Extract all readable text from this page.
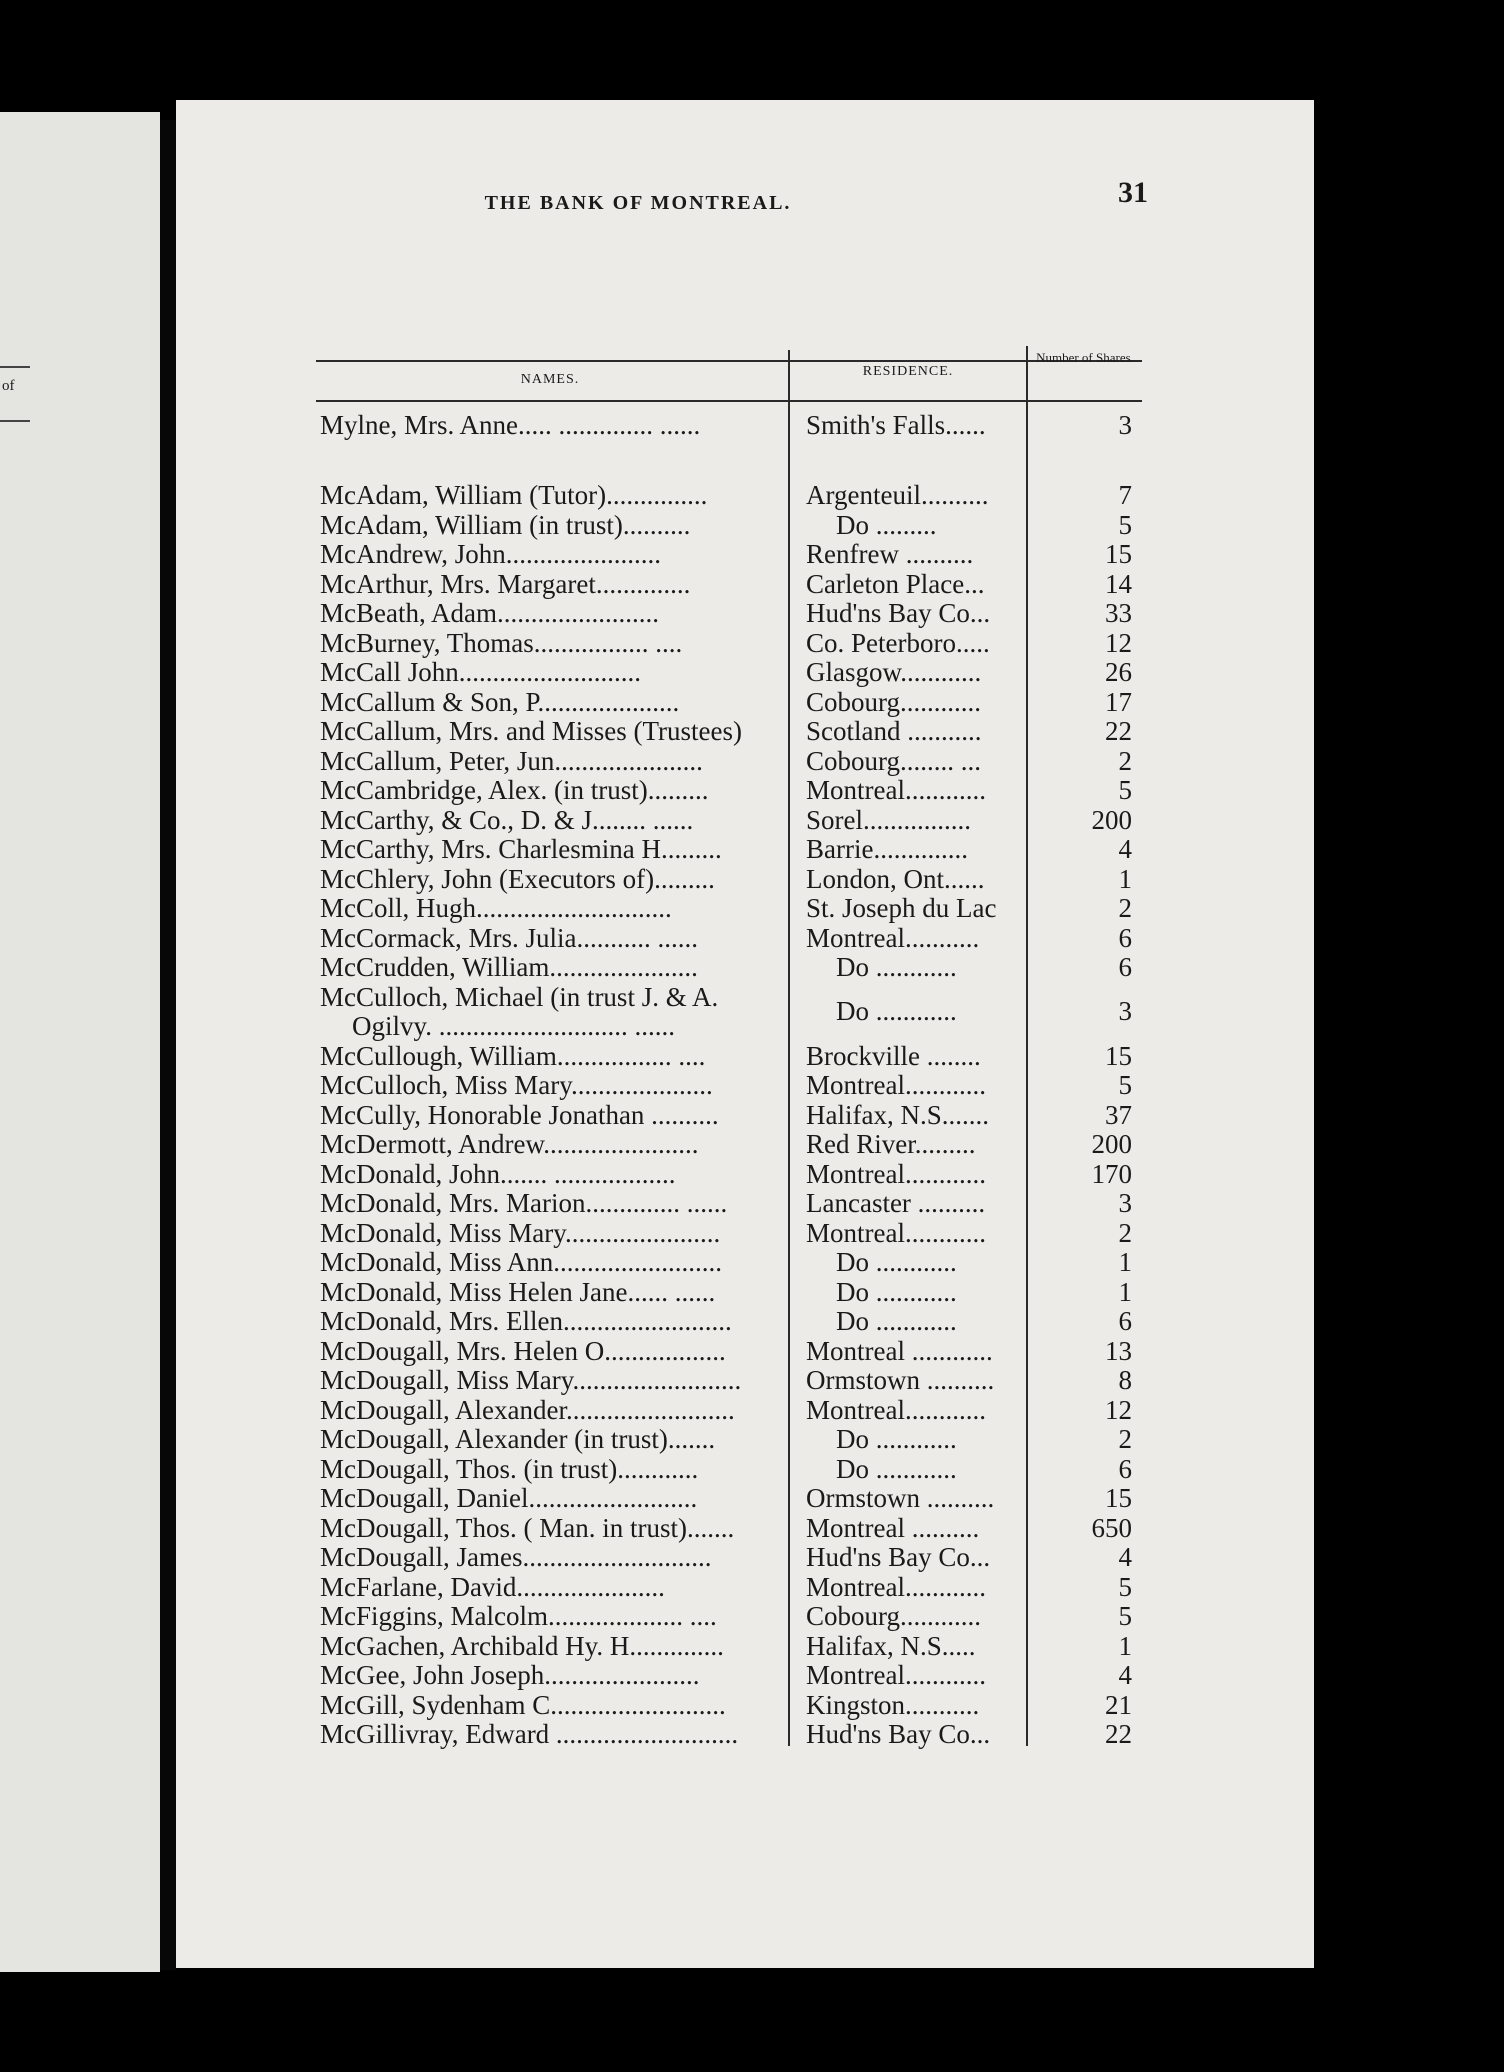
of
THE BANK OF MONTREAL.	31
NAMES.
RESIDENCE.
Number of Shares.
Mylne, Mrs. Anne..... .............. ......	Smith's Falls......	3
McAdam, William (Tutor)...............	Argenteuil..........	7
McAdam, William (in trust)..........	Do .........	5
McAndrew, John.......................	Renfrew ..........	15
McArthur, Mrs. Margaret..............	Carleton Place...	14
McBeath, Adam........................	Hud'ns Bay Co...	33
McBurney, Thomas................. ....	Co. Peterboro.....	12
McCall John...........................	Glasgow............	26
McCallum & Son, P.....................	Cobourg............	17
McCallum, Mrs. and Misses (Trustees)	Scotland ...........	22
McCallum, Peter, Jun......................	Cobourg........ ...	2
McCambridge, Alex. (in trust).........	Montreal............	5
McCarthy, & Co., D. & J........ ......	Sorel................	200
McCarthy, Mrs. Charlesmina H.........	Barrie..............	4
McChlery, John (Executors of).........	London, Ont......	1
McColl, Hugh.............................	St. Joseph du Lac	2
McCormack, Mrs. Julia........... ......	Montreal...........	6
McCrudden, William......................	Do ............	6
McCulloch, Michael (in trust J. & A.	Do ............	3
Ogilvy. ............................ ......
McCullough, William................. ....	Brockville ........	15
McCulloch, Miss Mary.....................	Montreal............	5
McCully, Honorable Jonathan ..........	Halifax, N.S.......	37
McDermott, Andrew.......................	Red River.........	200
McDonald, John....... ..................	Montreal............	170
McDonald, Mrs. Marion.............. ......	Lancaster ..........	3
McDonald, Miss Mary.......................	Montreal............	2
McDonald, Miss Ann.........................	Do ............	1
McDonald, Miss Helen Jane...... ......	Do ............	1
McDonald, Mrs. Ellen.........................	Do ............	6
McDougall, Mrs. Helen O..................	Montreal ............	13
McDougall, Miss Mary.........................	Ormstown ..........	8
McDougall, Alexander.........................	Montreal............	12
McDougall, Alexander (in trust).......	Do ............	2
McDougall, Thos. (in trust)............	Do ............	6
McDougall, Daniel.........................	Ormstown ..........	15
McDougall, Thos. ( Man. in trust).......	Montreal ..........	650
McDougall, James............................	Hud'ns Bay Co...	4
McFarlane, David......................	Montreal............	5
McFiggins, Malcolm.................... ....	Cobourg............	5
McGachen, Archibald Hy. H..............	Halifax, N.S.....	1
McGee, John Joseph.......................	Montreal............	4
McGill, Sydenham C..........................	Kingston...........	21
McGillivray, Edward ...........................	Hud'ns Bay Co...	22
